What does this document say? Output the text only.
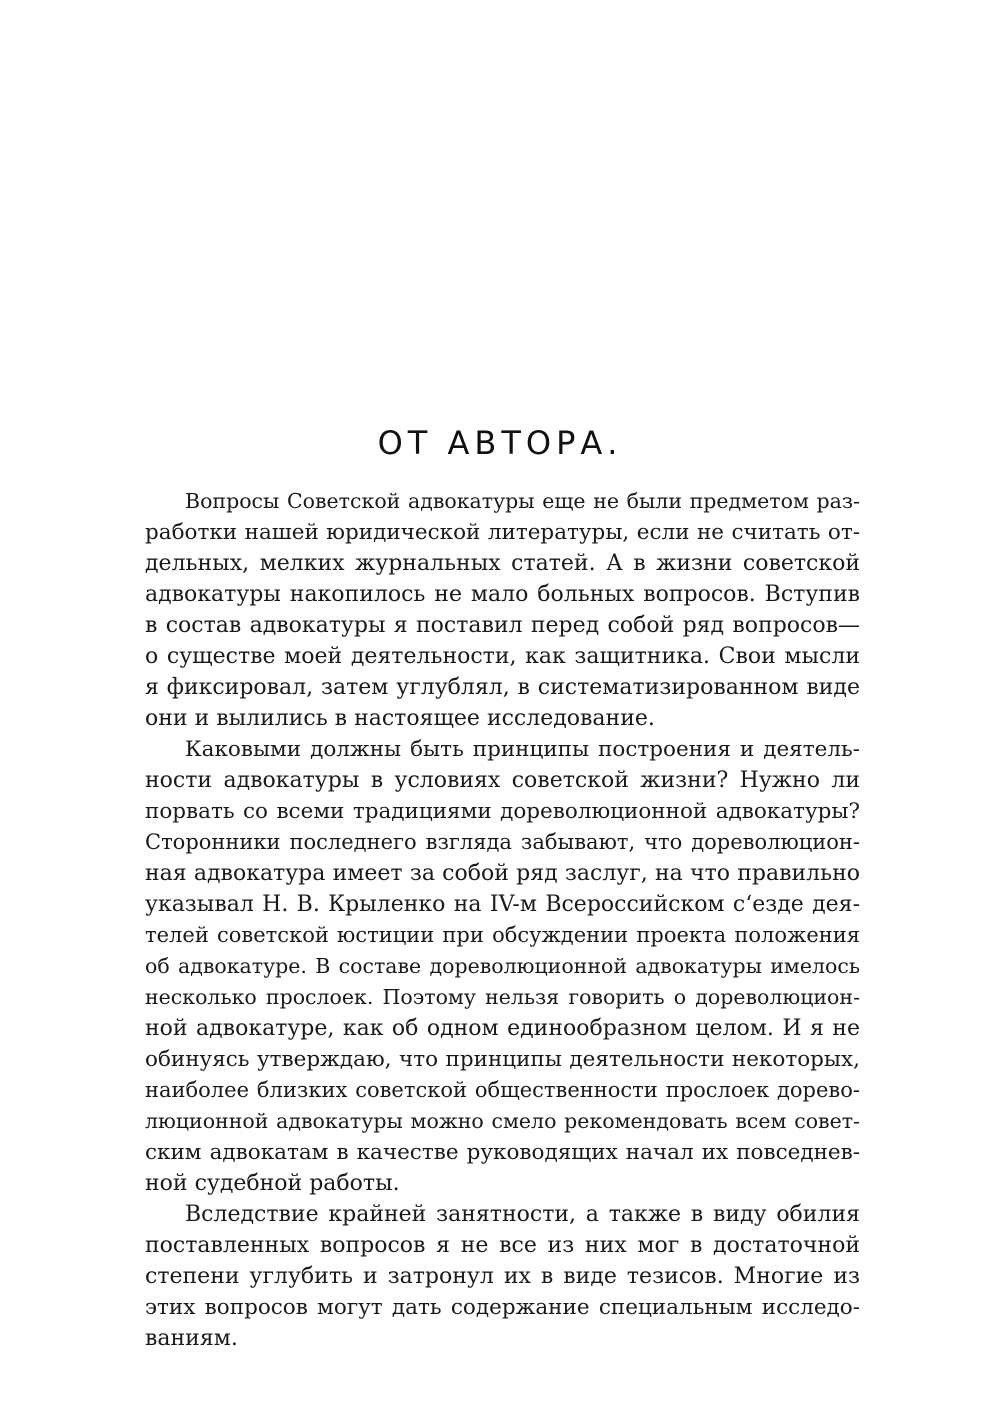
ОТ АВТОРА.
Вопросы Советской адвокатуры еще не были предметом раз-
работки нашей юридической литературы, если не считать от-
дельных, мелких журнальных статей. А в жизни советской
адвокатуры накопилось не мало больных вопросов. Вступив
в состав адвокатуры я поставил перед собой ряд вопросов—
о существе моей деятельности, как защитника. Свои мысли
я фиксировал, затем углублял, в систематизированном виде
они и вылились в настоящее исследование.
Каковыми должны быть принципы построения и деятель-
ности адвокатуры в условиях советской жизни? Нужно ли
порвать со всеми традициями дореволюционной адвокатуры?
Сторонники последнего взгляда забывают, что дореволюцион-
ная адвокатура имеет за собой ряд заслуг, на что правильно
указывал Н. В. Крыленко на IV-м Всероссийском с‘езде дея-
телей советской юстиции при обсуждении проекта положения
об адвокатуре. В составе дореволюционной адвокатуры имелось
несколько прослоек. Поэтому нельзя говорить о дореволюцион-
ной адвокатуре, как об одном единообразном целом. И я не
обинуясь утверждаю, что принципы деятельности некоторых,
наиболее близких советской общественности прослоек дорево-
люционной адвокатуры можно смело рекомендовать всем совет-
ским адвокатам в качестве руководящих начал их повседнев-
ной судебной работы.
Вследствие крайней занятности, а также в виду обилия
поставленных вопросов я не все из них мог в достаточной
степени углубить и затронул их в виде тезисов. Многие из
этих вопросов могут дать содержание специальным исследо-
ваниям.
